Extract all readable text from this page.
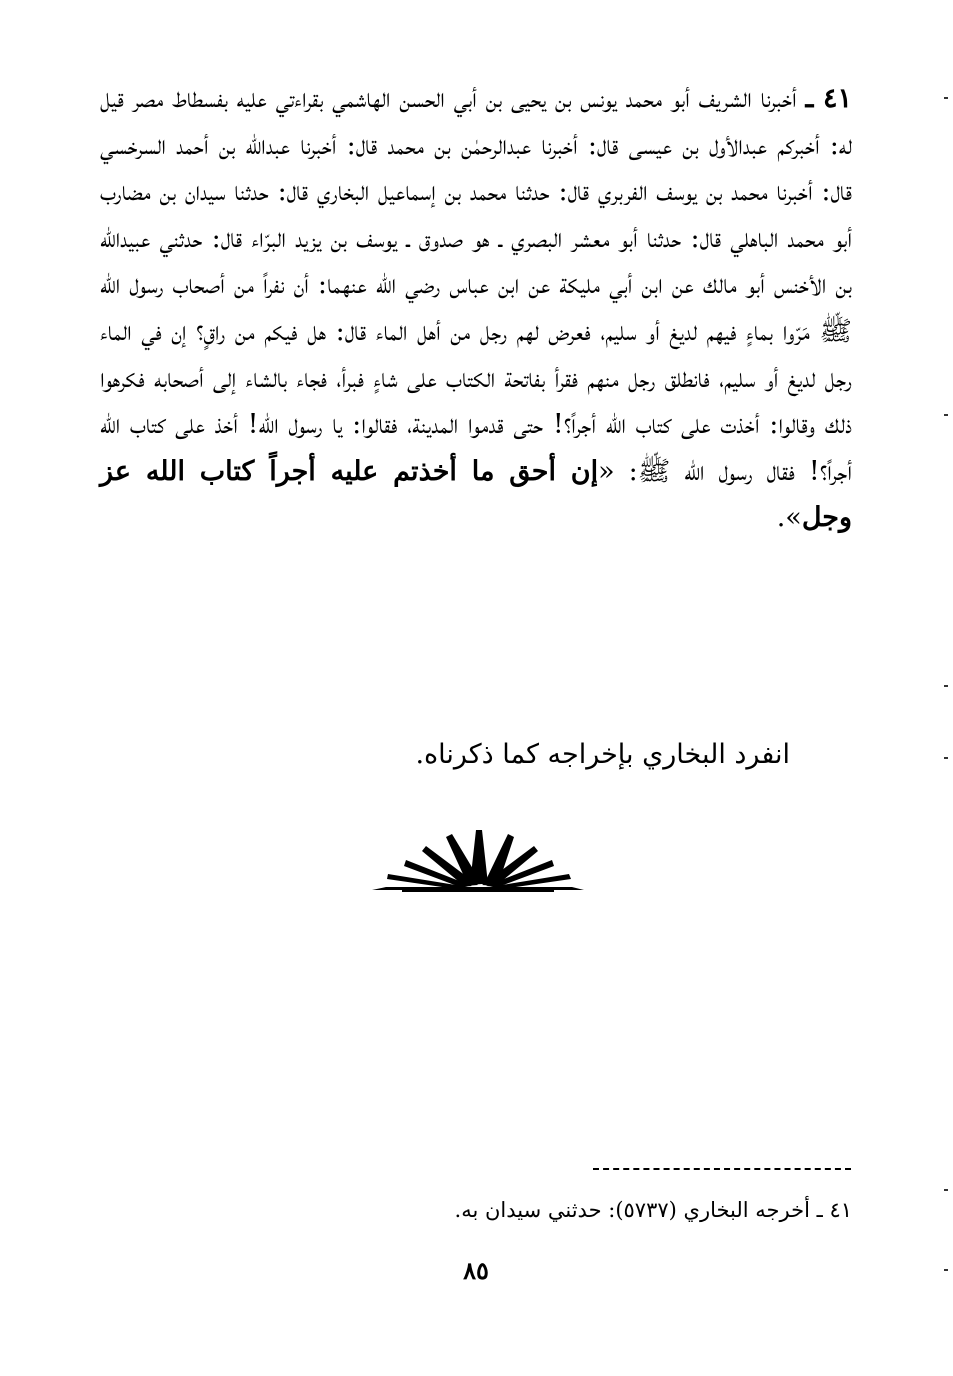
٤١ ـ أخبرنا الشريف أبو محمد يونس بن يحيى بن أبي الحسن الهاشمي بقراءتي عليه بفسطاط مصر قيل له: أخبركم عبدالأول بن عيسى قال: أخبرنا عبدالرحمٰن بن محمد قال: أخبرنا عبدالله بن أحمد السرخسي قال: أخبرنا محمد بن يوسف الفربري قال: حدثنا محمد بن إسماعيل البخاري قال: حدثنا سيدان بن مضارب أبو محمد الباهلي قال: حدثنا أبو معشر البصري ـ هو صدوق ـ يوسف بن يزيد البرّاء قال: حدثني عبيدالله بن الأخنس أبو مالك عن ابن أبي مليكة عن ابن عباس رضي الله عنهما: أن نفراً من أصحاب رسول الله ﷺ مَرّوا بماءٍ فيهم لديغ أو سليم، فعرض لهم رجل من أهل الماء قال: هل فيكم من راقٍ؟ إن في الماء رجل لديغ أو سليم، فانطلق رجل منهم فقرأ بفاتحة الكتاب على شاءٍ فبرأ، فجاء بالشاء إلى أصحابه فكرهوا ذلك وقالوا: أخذت على كتاب الله أجراً؟! حتى قدموا المدينة، فقالوا: يا رسول الله! أخذ على كتاب الله أجراً؟! فقال رسول الله ﷺ: «إن أحق ما أخذتم عليه أجراً كتاب الله عز وجل».

انفرد البخاري بإخراجه كما ذكرناه.
٤١ ـ أخرجه البخاري (٥٧٣٧): حدثني سيدان به.
٨٥
